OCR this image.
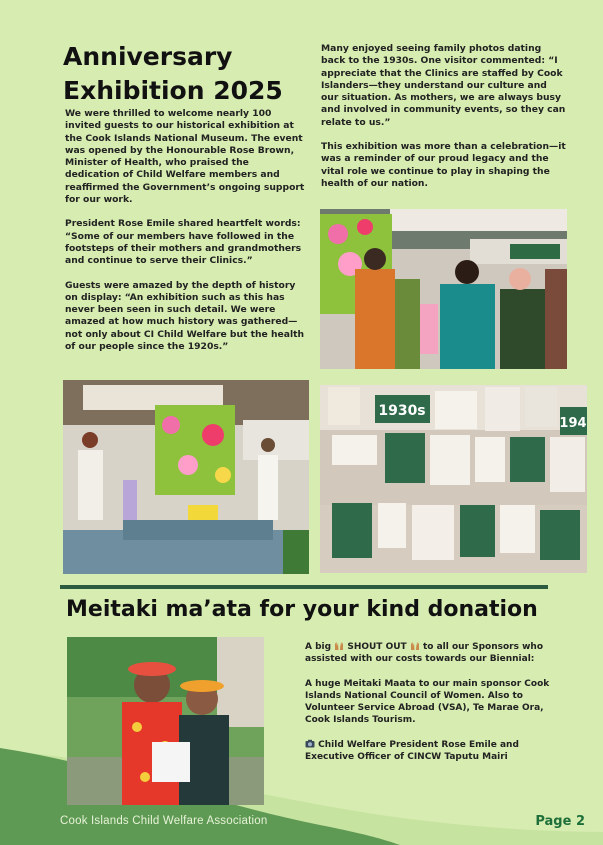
Anniversary
Exhibition 2025

We were thrilled to welcome nearly 100 invited guests to our historical exhibition at the Cook Islands National Museum. The event was opened by the Honourable Rose Brown, Minister of Health, who praised the dedication of Child Welfare members and reaffirmed the Government’s ongoing support for our work.

President Rose Emile shared heartfelt words: “Some of our members have followed in the footsteps of their mothers and grandmothers and continue to serve their Clinics.”

Guests were amazed by the depth of history on display: “An exhibition such as this has never been seen in such detail. We were amazed at how much history was gathered—not only about CI Child Welfare but the health of our people since the 1920s.”

Many enjoyed seeing family photos dating back to the 1930s. One visitor commented: “I appreciate that the Clinics are staffed by Cook Islanders—they understand our culture and our situation. As mothers, we are always busy and involved in community events, so they can relate to us.”

This exhibition was more than a celebration—it was a reminder of our proud legacy and the vital role we continue to play in shaping the health of our nation.

1930s
194
Meitaki ma’ata for your kind donation

A big  SHOUT OUT  to all our Sponsors who assisted with our costs towards our Biennial:

A huge Meitaki Maata to our main sponsor Cook Islands National Council of Women. Also to Volunteer Service Abroad (VSA), Te Marae Ora, Cook Islands Tourism.

Child Welfare President Rose Emile and Executive Officer of CINCW Taputu Mairi

Cook Islands Child Welfare Association	Page 2
